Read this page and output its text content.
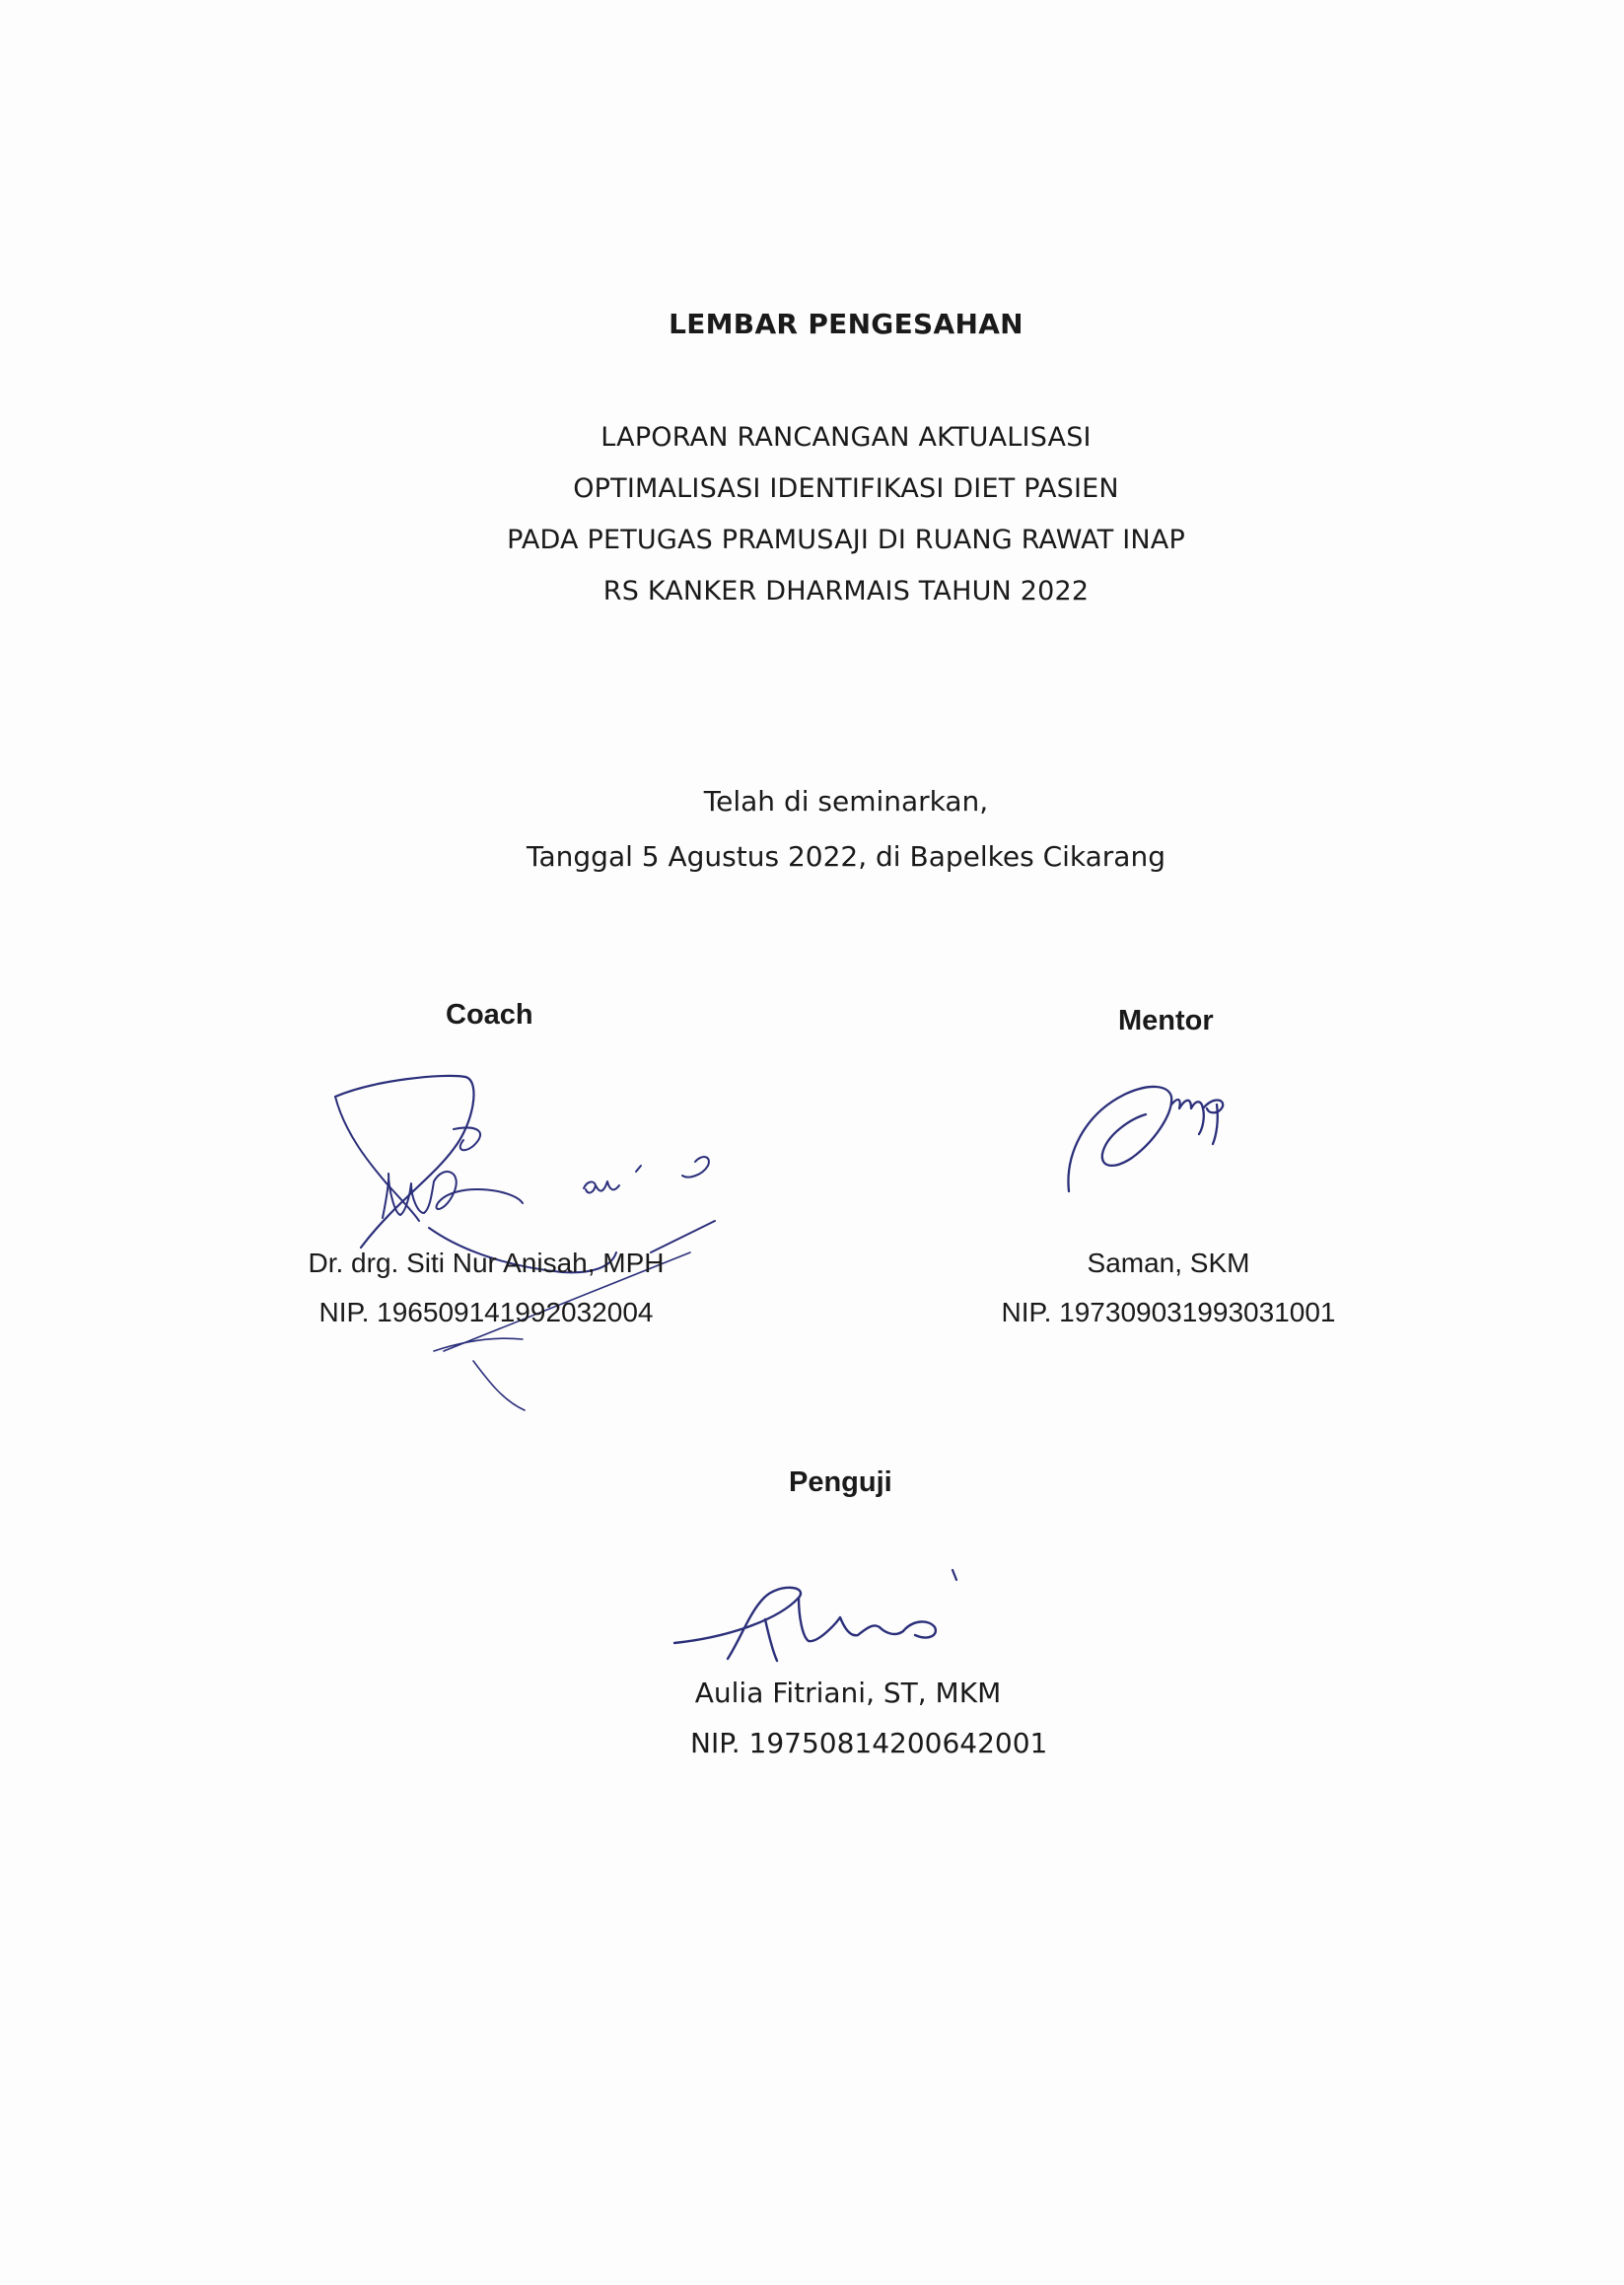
LEMBAR PENGESAHAN
LAPORAN RANCANGAN AKTUALISASI
OPTIMALISASI IDENTIFIKASI DIET PASIEN
PADA PETUGAS PRAMUSAJI DI RUANG RAWAT INAP
RS KANKER DHARMAIS TAHUN 2022
Telah di seminarkan,
Tanggal 5 Agustus 2022, di Bapelkes Cikarang
Coach
Dr. drg. Siti Nur Anisah, MPH
NIP. 196509141992032004
Mentor
Saman, SKM
NIP. 197309031993031001
Penguji
Aulia Fitriani, ST, MKM
NIP. 19750814200642001
